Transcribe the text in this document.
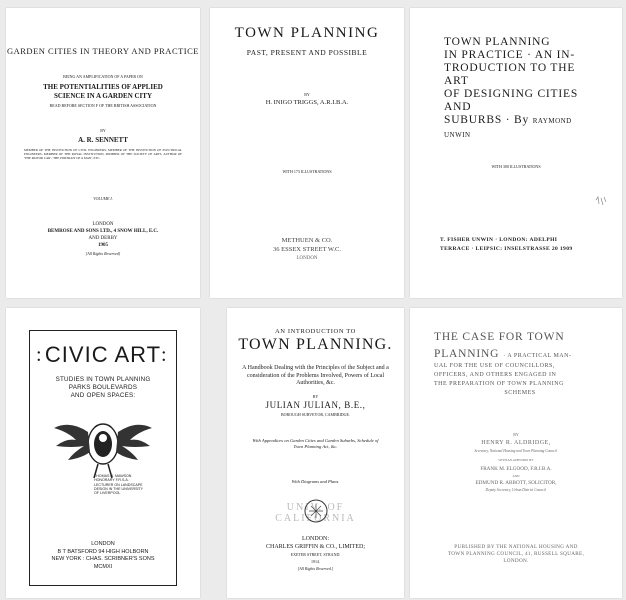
GARDEN CITIES IN THEORY AND PRACTICE
BEING AN AMPLIFICATION OF A PAPER ON
THE POTENTIALITIES OF APPLIED
SCIENCE IN A GARDEN CITY
READ BEFORE SECTION F OF THE BRITISH ASSOCIATION
BY
A. R. SENNETT
MEMBER OF THE INSTITUTION OF CIVIL ENGINEERS, MEMBER OF THE INSTITUTION OF ELECTRICAL ENGINEERS, MEMBER OF THE ROYAL INSTITUTION, MEMBER OF THE SOCIETY OF ARTS, AUTHOR OF 'THE MOTOR CAR', 'THE PORTRAIT OF A MAN', ETC.
VOLUME I.
LONDON
BEMROSE AND SONS LTD., 4 SNOW HILL, E.C.
AND DERBY
1905
[All Rights Reserved]
TOWN PLANNING
PAST, PRESENT AND POSSIBLE
BY
H. INIGO TRIGGS, A.R.I.B.A.
WITH 173 ILLUSTRATIONS
METHUEN & CO.
36 ESSEX STREET W.C.
LONDON
TOWN PLANNING
IN PRACTICE · AN IN-
TRODUCTION TO THE ART
OF DESIGNING CITIES AND
SUBURBS · By RAYMOND UNWIN
WITH 300 ILLUSTRATIONS
T. FISHER UNWIN · LONDON: ADELPHI
TERRACE · LEIPSIC: INSELSTRASSE 20 1909
CIVIC ART
:	:
STUDIES IN TOWN PLANNING
PARKS BOULEVARDS
AND OPEN SPACES:
THOMAS H. MAWSON
HONORARY F.R.S.A.
LECTURER ON LANDSCAPE
DESIGN IN THE UNIVERSITY
OF LIVERPOOL
LONDON
B T BATSFORD 94 HIGH HOLBORN
NEW YORK : CHAS. SCRIBNER'S SONS
MCMXI
AN INTRODUCTION TO
TOWN PLANNING.
A Handbook Dealing with the Principles of the Subject and a consideration of the Problems Involved, Powers of Local Authorities, &c.
BY
JULIAN JULIAN, B.E.,
BOROUGH SURVEYOR, CAMBRIDGE.
With Appendices on Garden Cities and Garden Suburbs, Schedule of Town Planning Act, &c.
With Diagrams and Plans.
UNIV. OF
CALIFORNIA
LONDON:
CHARLES GRIFFIN & CO., LIMITED;
EXETER STREET, STRAND.
1914.
[All Rights Reserved.]
THE CASE FOR TOWN
PLANNING · A PRACTICAL MAN-
UAL FOR THE USE OF COUNCILLORS,
OFFICERS, AND OTHERS ENGAGED IN
THE PREPARATION OF TOWN PLANNING
SCHEMES
BY
HENRY R. ALDRIDGE,
Secretary, National Housing and Town Planning Council.
WITH AN APPENDIX BY
FRANK M. ELGOOD, F.R.I.B.A.
AND
EDMUND R. ABBOTT, SOLICITOR,
Deputy Secretary, Urban District Council.
PUBLISHED BY THE NATIONAL HOUSING AND
TOWN PLANNING COUNCIL, 41, RUSSELL SQUARE,
LONDON.
